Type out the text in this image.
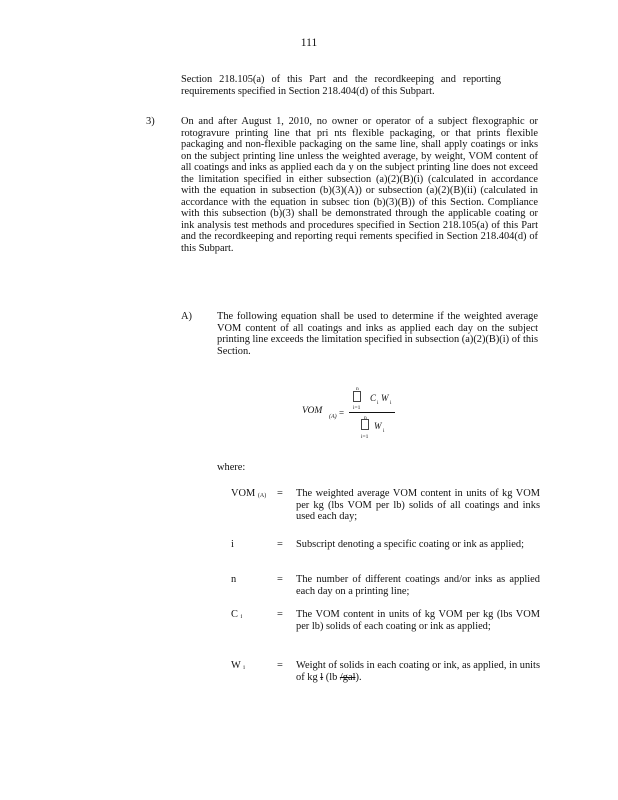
111
Section 218.105(a) of this Part and the recordkeeping and reporting requirements specified in Section 218.404(d) of this Subpart.
3)	On and after August 1, 2010, no owner or operator of a subject flexographic or rotogravure printing line that pri nts flexible packaging, or that prints flexible packaging and non-flexible packaging on the same line, shall apply coatings or inks on the subject printing line unless the weighted average, by weight, VOM content of all coatings and inks as applied each da y on the subject printing line does not exceed the limitation specified in either subsection (a)(2)(B)(i) (calculated in accordance with the equation in subsection (b)(3)(A)) or subsection (a)(2)(B)(ii) (calculated in accordance with the equation in subsec tion (b)(3)(B)) of this Section. Compliance with this subsection (b)(3) shall be demonstrated through the applicable coating or ink analysis test methods and procedures specified in Section 218.105(a) of this Part and the recordkeeping and reporting requi rements specified in Section 218.404(d) of this Subpart.
A) The following equation shall be used to determine if the weighted average VOM content of all coatings and inks as applied each day on the subject printing line exceeds the limitation specified in subsection (a)(2)(B)(i) of this Section.
VOM
(A) =
n
i=1
C i W i
n
i=1
W i
where:
VOM (A) = The weighted average VOM content in units of kg VOM per kg (lbs VOM per lb) solids of all coatings and inks used each day;
i	= Subscript denoting a specific coating or ink as applied;
n	= The number of different coatings and/or inks as applied each day on a printing line;
C i	= The VOM content in units of kg VOM per kg (lbs VOM per lb) solids of each coating or ink as applied;
W i	= Weight of solids in each coating or ink, as applied, in units of kg l (lb /gal).
